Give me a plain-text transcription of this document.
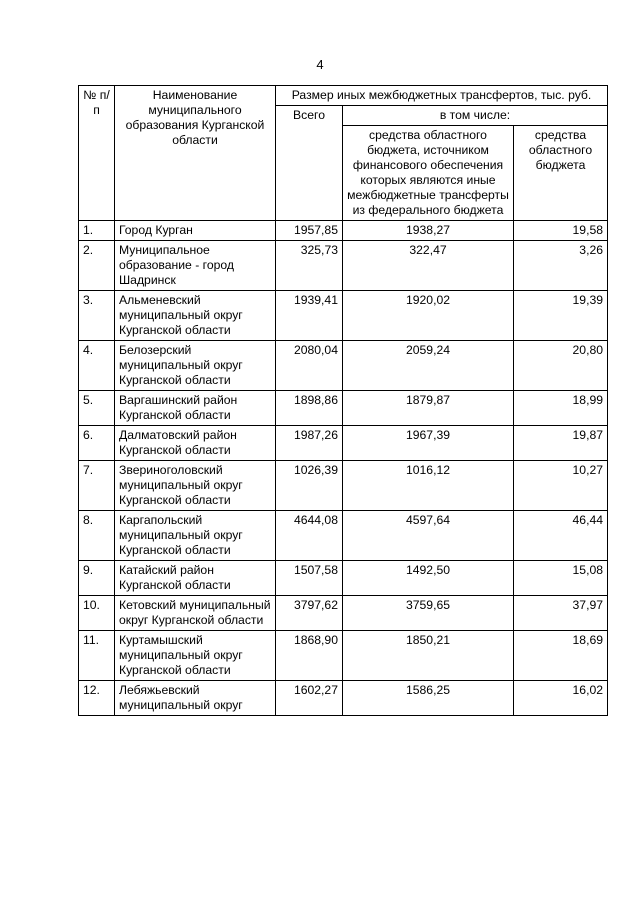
4
№ п/п	Наименование муниципального образования Курганской области	Размер иных межбюджетных трансфертов, тыс. руб.		
		Всего	в том числе:	
			средства областного бюджета, источником финансового обеспечения которых являются иные межбюджетные трансферты из федерального бюджета	средства областного бюджета
1.	Город Курган	1957,85	1938,27	19,58
2.	Муниципальное образование - город Шадринск	325,73	322,47	3,26
3.	Альменевский муниципальный округ Курганской области	1939,41	1920,02	19,39
4.	Белозерский муниципальный округ Курганской области	2080,04	2059,24	20,80
5.	Варгашинский район Курганской области	1898,86	1879,87	18,99
6.	Далматовский район Курганской области	1987,26	1967,39	19,87
7.	Звериноголовский муниципальный округ Курганской области	1026,39	1016,12	10,27
8.	Каргапольский муниципальный округ Курганской области	4644,08	4597,64	46,44
9.	Катайский район Курганской области	1507,58	1492,50	15,08
10.	Кетовский муниципальный округ Курганской области	3797,62	3759,65	37,97
11.	Куртамышский муниципальный округ Курганской области	1868,90	1850,21	18,69
12.	Лебяжьевский муниципальный округ	1602,27	1586,25	16,02
